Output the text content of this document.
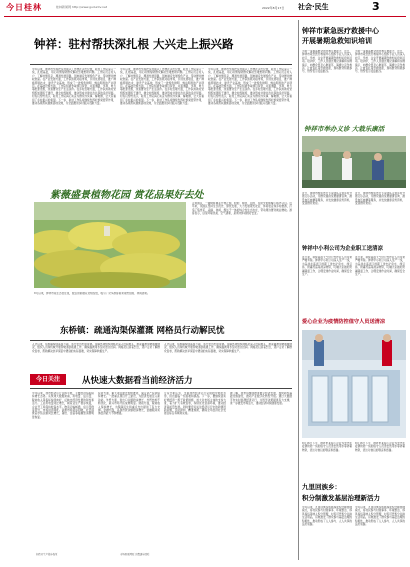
今日桂林	桂林新闻网 http://www.guiluntv.net	2022年8月17日 社会·民生	3
钟祥：驻村帮扶深扎根 大兴走上振兴路
今年以来，钟祥市坚持把乡村振兴工作摆在突出位置，驻村工作队深入一线，扎根基层，用心用情帮助群众解决急难愁盼问题。工作队员走村入户，了解村情民意，理清发展思路，因地制宜发展特色产业，带动群众增收致富。在产业发展方面，工作队积极对接市场，引进优质项目，推广种植养殖技术，建设产业基地，形成了一批特色鲜明、效益明显的产业项目。在基础设施方面，工作队积极争取项目资金，完善道路、水利、电力等配套设施，改善群众生产生活条件。在乡村治理方面，工作队协助村党组织加强班子建设，健全村级制度，推动形成共建共治共享的良好局面。村民们纷纷表示，驻村工作队真心实意为群众办实事、解难题，让大家看到了乡村振兴的希望。下一步，驻村工作队将继续发挥好桥梁纽带作用，推动各项帮扶措施落地见效，为全面推进乡村振兴贡献力量。
今年以来，钟祥市坚持把乡村振兴工作摆在突出位置，驻村工作队深入一线，扎根基层，用心用情帮助群众解决急难愁盼问题。工作队员走村入户，了解村情民意，理清发展思路，因地制宜发展特色产业，带动群众增收致富。在产业发展方面，工作队积极对接市场，引进优质项目，推广种植养殖技术，建设产业基地，形成了一批特色鲜明、效益明显的产业项目。在基础设施方面，工作队积极争取项目资金，完善道路、水利、电力等配套设施，改善群众生产生活条件。在乡村治理方面，工作队协助村党组织加强班子建设，健全村级制度，推动形成共建共治共享的良好局面。村民们纷纷表示，驻村工作队真心实意为群众办实事、解难题，让大家看到了乡村振兴的希望。下一步，驻村工作队将继续发挥好桥梁纽带作用，推动各项帮扶措施落地见效，为全面推进乡村振兴贡献力量。
今年以来，钟祥市坚持把乡村振兴工作摆在突出位置，驻村工作队深入一线，扎根基层，用心用情帮助群众解决急难愁盼问题。工作队员走村入户，了解村情民意，理清发展思路，因地制宜发展特色产业，带动群众增收致富。在产业发展方面，工作队积极对接市场，引进优质项目，推广种植养殖技术，建设产业基地，形成了一批特色鲜明、效益明显的产业项目。在基础设施方面，工作队积极争取项目资金，完善道路、水利、电力等配套设施，改善群众生产生活条件。在乡村治理方面，工作队协助村党组织加强班子建设，健全村级制度，推动形成共建共治共享的良好局面。村民们纷纷表示，驻村工作队真心实意为群众办实事、解难题，让大家看到了乡村振兴的希望。下一步，驻村工作队将继续发挥好桥梁纽带作用，推动各项帮扶措施落地见效，为全面推进乡村振兴贡献力量。
紫薇盛景植物花园 赏花品果好去处
8月以来，钟祥市某生态农庄里，数百亩紫薇花竞相绽放，吸引了众多游客前来观赏拍照、休闲游玩。
走进园区，一树树紫薇花开得正艳，粉的、紫的、白的，在阳光的照耀下格外夺目。近年来，该园区坚持生态优先、绿色发展，大力发展观光农业、休闲农业和乡村旅游，打造了集赏花、采摘、休闲、娱乐于一体的综合性生态农庄，带动周边群众就业增收。游客表示，这里环境优美、空气清新，是周末休闲的好去处。
东桥镇：疏通沟渠保灌溉 网格员行动解民忧
入伏以来，东桥镇持续高温少雨，部分农田出现旱情。该镇迅速组织网格员深入田间地头，排查灌溉沟渠堵塞情况，组织人员和机械开展沟渠清淤疏通工作，确保灌溉用水及时送达田间。网格员们顶着烈日，逐户走访了解群众需求，帮助解决抗旱保苗中遇到的实际困难，切实保障秋粮生产。
入伏以来，东桥镇持续高温少雨，部分农田出现旱情。该镇迅速组织网格员深入田间地头，排查灌溉沟渠堵塞情况，组织人员和机械开展沟渠清淤疏通工作，确保灌溉用水及时送达田间。网格员们顶着烈日，逐户走访了解群众需求，帮助解决抗旱保苗中遇到的实际困难，切实保障秋粮生产。
今日关注	从快速大数据看当前经济活力
今年以来，我市经济运行总体平稳，主要经济指标保持增长态势。从快速大数据来看，用电量、货运量、税收收入等指标持续向好，反映出经济发展的韧性和活力。工业用电量同比增长，制造业生产稳步恢复，企业开工率保持较高水平。物流运输畅通，货运量稳步回升，市场供需两旺。消费市场逐步回暖，社会消费品零售总额同比增长，餐饮、住宿等接触型消费明显恢复。
投资方面，重大项目建设加快推进，固定资产投资保持增长。一批重点项目开工建设，为经济发展注入新动能。外贸方面，进出口总额稳步增长，外贸结构不断优化，新兴市场开拓成效明显。财政方面，税收收入保持增长，为保障民生和重点支出提供了有力支撑。金融方面，各项贷款余额稳步增长，金融服务实体经济能力不断增强。
专家分析认为，当前我市经济运行呈现稳中向好态势，但也面临一些困难和挑战。下一步，要继续落实好稳经济一揽子政策措施，加大对市场主体的支持力度，着力扩大有效需求，持续优化营商环境，推动经济高质量发展。同时要密切关注经济运行中的新情况新问题，及时研判，精准施策，确保全年经济社会发展目标任务顺利完成。
据了解，我市将继续推进数字经济发展，加快新型基础设施建设，推动产业数字化转型升级。通过大数据平台实时监测经济运行，为科学决策提供有力支撑，进一步激发市场活力，推动经济持续健康发展。
制造业生产稳步恢复	市场供需两旺 消费逐步回暖
钟祥市紧急医疗救援中心
开展暑期急救知识培训
为进一步提高群众的自救互救能力，近日，钟祥市紧急医疗救援中心组织专业人员深入社区、学校、企业开展暑期急救知识培训活动。培训中，工作人员通过理论讲解和实操演示，向群众普及心肺复苏、海姆立克急救法、止血包扎等急救技能，现场群众积极参与，纷纷表示受益匪浅。
为进一步提高群众的自救互救能力，近日，钟祥市紧急医疗救援中心组织专业人员深入社区、学校、企业开展暑期急救知识培训活动。培训中，工作人员通过理论讲解和实操演示，向群众普及心肺复苏、海姆立克急救法、止血包扎等急救技能，现场群众积极参与，纷纷表示受益匪浅。
钟祥市举办义诊 大栽乐康活
近日，钟祥市组织医疗专家团队走进乡村开展义诊活动，为群众提供免费健康咨询、测量血压血糖等服务，并发放健康宣传资料，受到群众欢迎。
近日，钟祥市组织医疗专家团队走进乡村开展义诊活动，为群众提供免费健康咨询、测量血压血糖等服务，并发放健康宣传资料，受到群众欢迎。
钟祥中小利公司为企业职工送清凉
连日来，持续高温天气给户外作业人员带来严峻考验。钟祥中小利公司深入生产一线，为奋战在高温下的职工送去矿泉水、绿豆汤、防暑药品等清凉物资，叮嘱大家做好防暑降温工作，合理安排作业时间，确保安全生产。
连日来，持续高温天气给户外作业人员带来严峻考验。钟祥中小利公司深入生产一线，为奋战在高温下的职工送去矿泉水、绿豆汤、防暑药品等清凉物资，叮嘱大家做好防暑降温工作，合理安排作业时间，确保安全生产。
爱心企业为疫情防控值守人员送清凉
8月16日下午，钟祥市某爱心企业为坚守在疫情防控一线的值守人员送去饮用水等防暑物资，表达对他们的敬意和感谢。
8月16日下午，钟祥市某爱心企业为坚守在疫情防控一线的值守人员送去饮用水等防暑物资，表达对他们的敬意和感谢。
九里回族乡：
积分制激发基层治理新活力
今年以来，九里回族乡积极探索积分制管理模式，将村民参与村级事务、环境整治、移风易俗等纳入积分管理，村民可凭积分兑换生活用品，有效激发了群众参与基层治理的积极性，推动形成了人人参与、人人共享的良好氛围。
今年以来，九里回族乡积极探索积分制管理模式，将村民参与村级事务、环境整治、移风易俗等纳入积分管理，村民可凭积分兑换生活用品，有效激发了群众参与基层治理的积极性，推动形成了人人参与、人人共享的良好氛围。
